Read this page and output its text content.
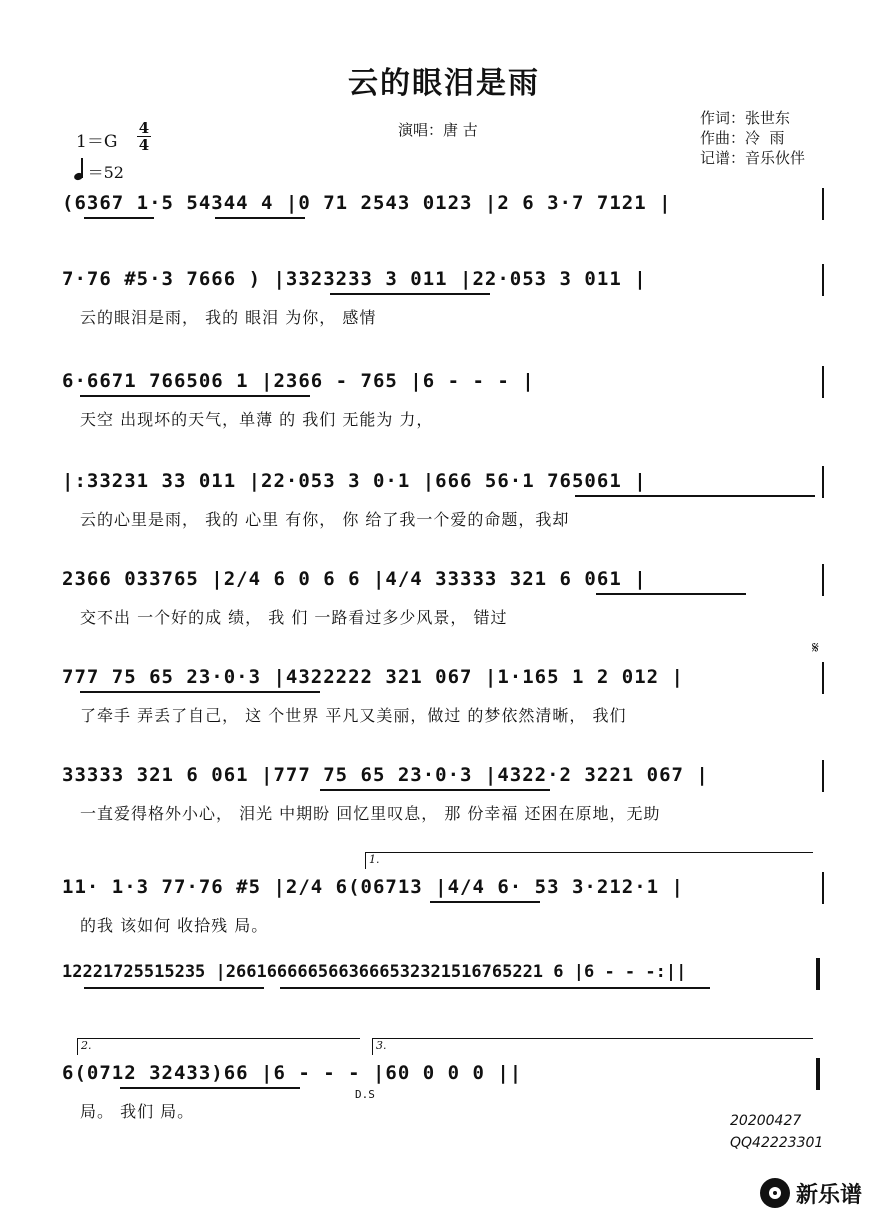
云的眼泪是雨
1＝G
4
4
＝52
演唱：唐 古
作词：张世东
作曲：冷  雨
记谱：音乐伙伴
(6367 1·5 54344 4 |0 71 2543 0123 |2 6 3·7 7121 |
7·76 #5·3 7666 ) |3323233 3 011 |22·053 3 011 |
云的眼泪是雨， 我的 眼泪 为你， 感情
6·6671 766506 1 |2366 - 765 |6 - - - |
天空 出现坏的天气，单薄 的 我们 无能为 力，
|:33231 33 011 |22·053 3 0·1 |666 56·1 765061 |
云的心里是雨， 我的 心里 有你， 你 给了我一个爱的命题，我却
2366 033765 |2/4 6 0 6 6 |4/4 33333 321 6 061 |
交不出 一个好的成 绩， 我 们 一路看过多少风景， 错过
777 75 65 23·0·3 |4322222 321 067 |1·165 1 2 012 |
了牵手 弄丢了自己， 这 个世界 平凡又美丽，做过 的梦依然清晰， 我们
𝄋
33333 321 6 061 |777 75 65 23·0·3 |4322·2 3221 067 |
一直爱得格外小心， 泪光 中期盼 回忆里叹息， 那 份幸福 还困在原地，无助
1.
11· 1·3 77·76 #5 |2/4 6(06713 |4/4 6· 53 3·212·1 |
的我 该如何 收拾残 局。
12221725515235 |2661666665663666532321516765221 6 |6 - - -:||
2.	3.
6(0712 32433)66 |6 - - - |60 0 0 0 ||
局。 我们 局。
D.S
20200427
QQ42223301
新乐谱
